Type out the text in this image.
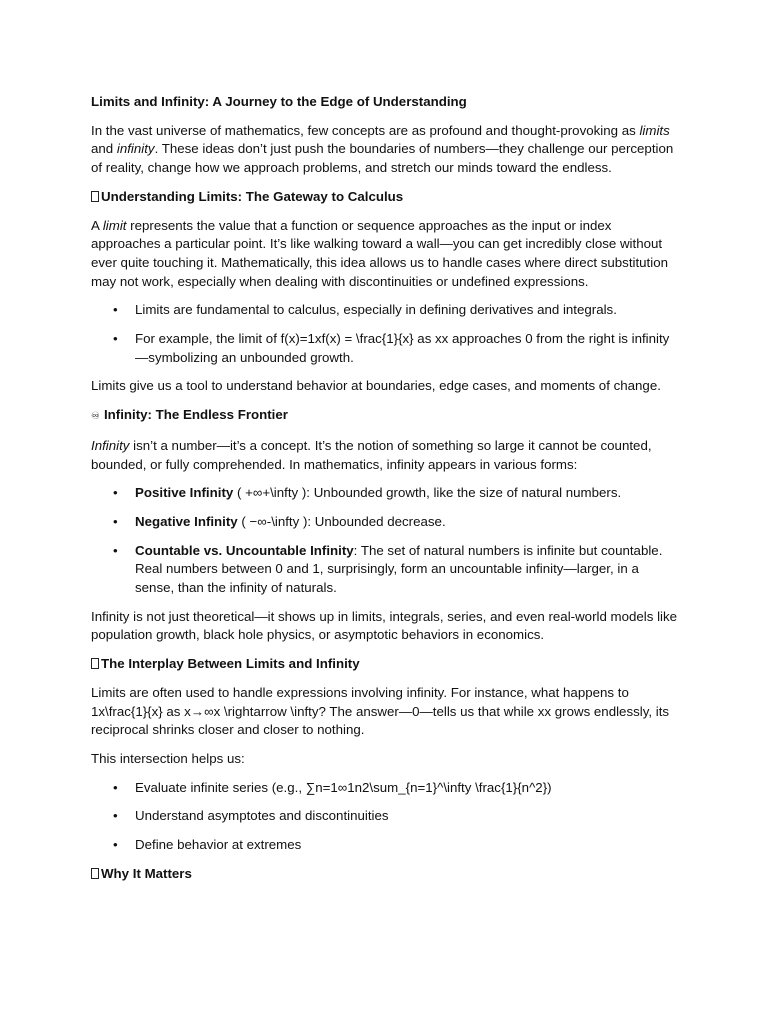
Limits and Infinity: A Journey to the Edge of Understanding

In the vast universe of mathematics, few concepts are as profound and thought-provoking as limits and infinity. These ideas don’t just push the boundaries of numbers—they challenge our perception of reality, change how we approach problems, and stretch our minds toward the endless.

Understanding Limits: The Gateway to Calculus

A limit represents the value that a function or sequence approaches as the input or index approaches a particular point. It’s like walking toward a wall—you can get incredibly close without ever quite touching it. Mathematically, this idea allows us to handle cases where direct substitution may not work, especially when dealing with discontinuities or undefined expressions.

• Limits are fundamental to calculus, especially in defining derivatives and integrals.
• For example, the limit of f(x)=1xf(x) = \frac{1}{x} as xx approaches 0 from the right is infinity—symbolizing an unbounded growth.

Limits give us a tool to understand behavior at boundaries, edge cases, and moments of change.

♾ Infinity: The Endless Frontier

Infinity isn’t a number—it’s a concept. It’s the notion of something so large it cannot be counted, bounded, or fully comprehended. In mathematics, infinity appears in various forms:

• Positive Infinity ( +∞+\infty ): Unbounded growth, like the size of natural numbers.
• Negative Infinity ( −∞-\infty ): Unbounded decrease.
• Countable vs. Uncountable Infinity: The set of natural numbers is infinite but countable. Real numbers between 0 and 1, surprisingly, form an uncountable infinity—larger, in a sense, than the infinity of naturals.

Infinity is not just theoretical—it shows up in limits, integrals, series, and even real-world models like population growth, black hole physics, or asymptotic behaviors in economics.

The Interplay Between Limits and Infinity

Limits are often used to handle expressions involving infinity. For instance, what happens to 1x\frac{1}{x} as x→∞x \rightarrow \infty? The answer—0—tells us that while xx grows endlessly, its reciprocal shrinks closer and closer to nothing.

This intersection helps us:

• Evaluate infinite series (e.g., ∑n=1∞1n2\sum_{n=1}^\infty \frac{1}{n^2})
• Understand asymptotes and discontinuities
• Define behavior at extremes

Why It Matters
